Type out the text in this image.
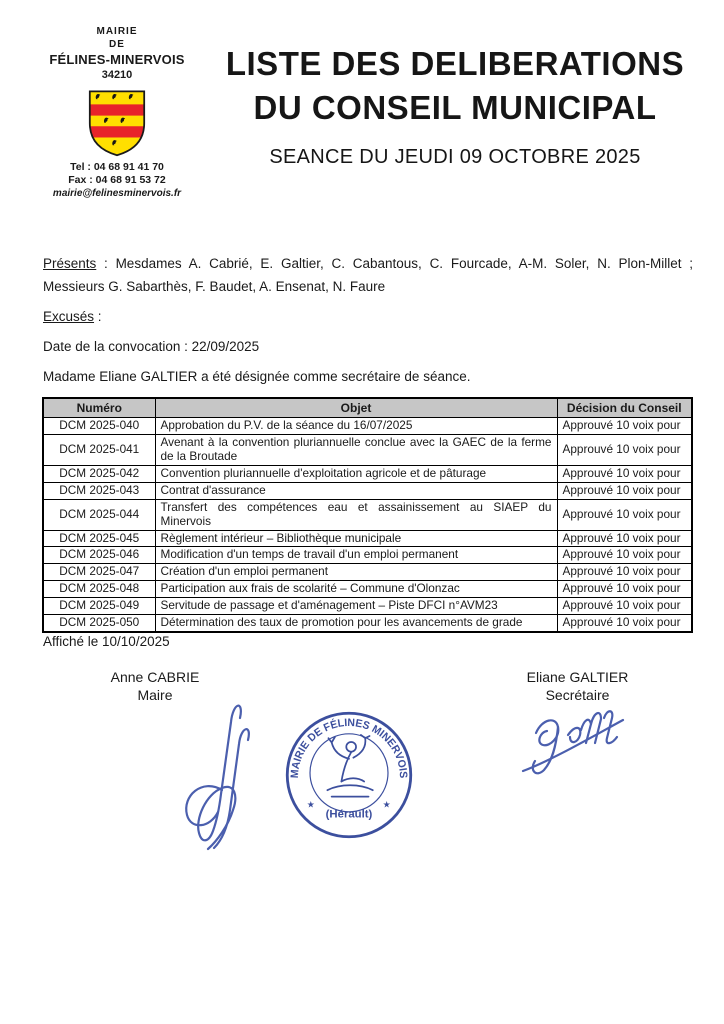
MAIRIE
DE
FÉLINES-MINERVOIS
34210
Tel : 04 68 91 41 70
Fax : 04 68 91 53 72
mairie@felinesminervois.fr
LISTE DES DELIBERATIONS
DU CONSEIL MUNICIPAL
SEANCE DU JEUDI 09 OCTOBRE 2025
Présents : Mesdames A. Cabrié, E. Galtier, C. Cabantous, C. Fourcade, A-M. Soler, N. Plon-Millet ;
Messieurs G. Sabarthès, F. Baudet, A. Ensenat, N. Faure
Excusés :
Date de la convocation : 22/09/2025
Madame Eliane GALTIER a été désignée comme secrétaire de séance.
Numéro	Objet	Décision du Conseil
DCM 2025-040	Approbation du P.V. de la séance du 16/07/2025	Approuvé 10 voix pour
DCM 2025-041	Avenant à la convention pluriannuelle conclue avec la GAEC de la ferme de la Broutade	Approuvé 10 voix pour
DCM 2025-042	Convention pluriannuelle d'exploitation agricole et de pâturage	Approuvé 10 voix pour
DCM 2025-043	Contrat d'assurance	Approuvé 10 voix pour
DCM 2025-044	Transfert des compétences eau et assainissement au SIAEP du Minervois	Approuvé 10 voix pour
DCM 2025-045	Règlement intérieur – Bibliothèque municipale	Approuvé 10 voix pour
DCM 2025-046	Modification d'un temps de travail d'un emploi permanent	Approuvé 10 voix pour
DCM 2025-047	Création d'un emploi permanent	Approuvé 10 voix pour
DCM 2025-048	Participation aux frais de scolarité – Commune d'Olonzac	Approuvé 10 voix pour
DCM 2025-049	Servitude de passage et d'aménagement – Piste DFCI n°AVM23	Approuvé 10 voix pour
DCM 2025-050	Détermination des taux de promotion pour les avancements de grade	Approuvé 10 voix pour
Affiché le 10/10/2025
Anne CABRIE
Maire
Eliane GALTIER
Secrétaire
MAIRIE DE FÉLINES MINERVOIS
(Hérault)
★	★
